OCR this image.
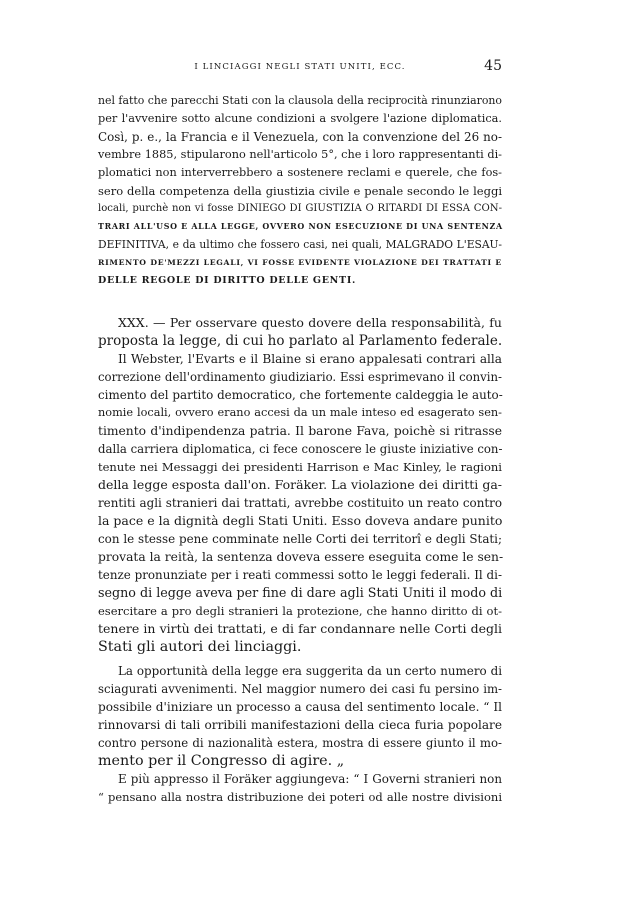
I LINCIAGGI NEGLI STATI UNITI, ECC.	45
nel fatto che parecchi Stati con la clausola della reciprocità rinunziarono
per l'avvenire sotto alcune condizioni a svolgere l'azione diplomatica.
Così, p. e., la Francia e il Venezuela, con la convenzione del 26 no-
vembre 1885, stipularono nell'articolo 5°, che i loro rappresentanti di-
plomatici non interverrebbero a sostenere reclami e querele, che fos-
sero della competenza della giustizia civile e penale secondo le leggi
locali, purchè non vi fosse DINIEGO DI GIUSTIZIA O RITARDI DI ESSA CON-
TRARI ALL'USO E ALLA LEGGE, OVVERO NON ESECUZIONE DI UNA SENTENZA
DEFINITIVA, e da ultimo che fossero casi, nei quali, MALGRADO L'ESAU-
RIMENTO DE'MEZZI LEGALI, VI FOSSE EVIDENTE VIOLAZIONE DEI TRATTATI E
DELLE REGOLE DI DIRITTO DELLE GENTI.
XXX. — Per osservare questo dovere della responsabilità, fu
proposta la legge, di cui ho parlato al Parlamento federale.
Il Webster, l'Evarts e il Blaine si erano appalesati contrari alla
correzione dell'ordinamento giudiziario. Essi esprimevano il convin-
cimento del partito democratico, che fortemente caldeggia le auto-
nomie locali, ovvero erano accesi da un male inteso ed esagerato sen-
timento d'indipendenza patria. Il barone Fava, poichè si ritrasse
dalla carriera diplomatica, ci fece conoscere le giuste iniziative con-
tenute nei Messaggi dei presidenti Harrison e Mac Kinley, le ragioni
della legge esposta dall'on. Foräker. La violazione dei diritti ga-
rentiti agli stranieri dai trattati, avrebbe costituito un reato contro
la pace e la dignità degli Stati Uniti. Esso doveva andare punito
con le stesse pene comminate nelle Corti dei territorî e degli Stati;
provata la reità, la sentenza doveva essere eseguita come le sen-
tenze pronunziate per i reati commessi sotto le leggi federali. Il di-
segno di legge aveva per fine di dare agli Stati Uniti il modo di
esercitare a pro degli stranieri la protezione, che hanno diritto di ot-
tenere in virtù dei trattati, e di far condannare nelle Corti degli
Stati gli autori dei linciaggi.
La opportunità della legge era suggerita da un certo numero di
sciagurati avvenimenti. Nel maggior numero dei casi fu persino im-
possibile d'iniziare un processo a causa del sentimento locale. “ Il
rinnovarsi di tali orribili manifestazioni della cieca furia popolare
contro persone di nazionalità estera, mostra di essere giunto il mo-
mento per il Congresso di agire. „
E più appresso il Foräker aggiungeva: “ I Governi stranieri non
“ pensano alla nostra distribuzione dei poteri od alle nostre divisioni
